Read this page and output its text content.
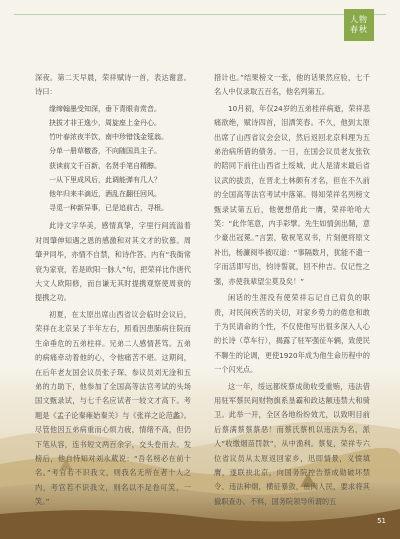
人物
春秋

深夜。第二天早晨，荣祥赋诗一首，表达谢意。诗曰：

缘缔翰墨受知深，垂下青眼肯赏音。
抉拔才非王逸少，周旋座上金丹心。
竹叶春浓夜半饮，南中珍错饯金筵翁。
分单一册草檄香，不向随国具主子。
获读前文千百新，名贤手笔自精醇。
一从下里成风后，此调能弹有几人？
他年归来丰滴近，酒乱在翻任回风。
寻觅一种新异事，已是追前古，寻根。

此诗文字华美，感情真挚，字里行间流溢着对周肇伸知遇之恩的感激和对其文才的钦慕。周肇尹同毕，亦情不自禁，和诗作答。内有“我衙常衰为家衰，若是欧阳一脉人”句，把荣祥比作唐代大文人欧阳修，而自谦无其时提携观察使周衰的提携之功。

初夏，在太原出席山西省议会临时会议后，荣祥在北京呆了半年左右，照看因患肺病住院而生命垂危的五弟柱祥。兄弟二人感情甚笃。五弟的病痛牵动着他的心，令他痛苦不堪。这期间，在后年老友国会议员张子琛、参议员刘无淦和五弟的力助下，他参加了全国高等法官考试的头场国文甄录试，与七千名应试者一较文才高下。考题是《孟子论秦雍始秦关》与《张祥之论范蠡》。尽管他因五弟病重而心烦力疲，情绪不高，但仍下笔从容，连书短文两百余字，交头卷而去。发榜后，他自恃知对刘永葳说：“吾名榜必在前十名。”考官若不识我文，则我名无所在者十人之内，考官若不识我文，则名以不足卷可笑，一笑。”

措计也。”结果榜文一张，他的话果然应验，七千名人中仅录取五百名，他名列第五。

10月初，年仅24岁的五弟桂祥病逝，荣祥悲痛欲绝，赋诗四首，泪洒笑春。不久，他到太原出席了山西省议会会议，然后返回北京料理为五弟治病所借的债务。一日，在国会议员老友张钦的陪同下前往山西省土绥城，此人是清末最后省议武的拔贡，在晋北土林颇有才名，但在不久前的全国高等法官考试中落第。得知荣祥名列榜文甄录试第五后，他便想借此一膺，荣祥哈哈大笑：“此作笔意，内手彩擘。先生如情剑出鞘，意少豪出冠冕。”言罢，敬祝笔双书，片刻便将原文补出，杨濂阅毕被叹道：“事隔数月，犹能不遗一字而活即写出，钧诗誓就，回不仲吉。仅记性之强，亦使我辈望尘莫及矣！”

闲话的生涯没有使荣祥忘记自己肩负的职责，对民间疾苦的关切，对家乡势力的倦怠和敢于为民请命的个性，不仅使他写出很多深入人心的长诗（草车行），揭露了驻军强征车辆，致使民不聊生的论调，更使1920年成为他生命历程中的一个闪光点。

这一年，绥远都统蔡成勋收受重贿，违法借用驻军蔡民间财物旗系垦霸和政达额违禁大和骑卫。此举一开，全区各地纷纷效尤，以致明目前后蔡满蔡蔡蔡恶！而蔡氏蔡机以违法为名，派人“收缴烟苗罚款”，从中渔利。蔡复，荣祥专六位省议员从太原返回家乡，迅即情景，义愤填膺，遂联袂北京，向国务院控告蔡成勋破坏禁令、违法种烟，横征暴敛，鱼肉人民，要求将其撤职查办。不料，国务院领导所谓的五

51
